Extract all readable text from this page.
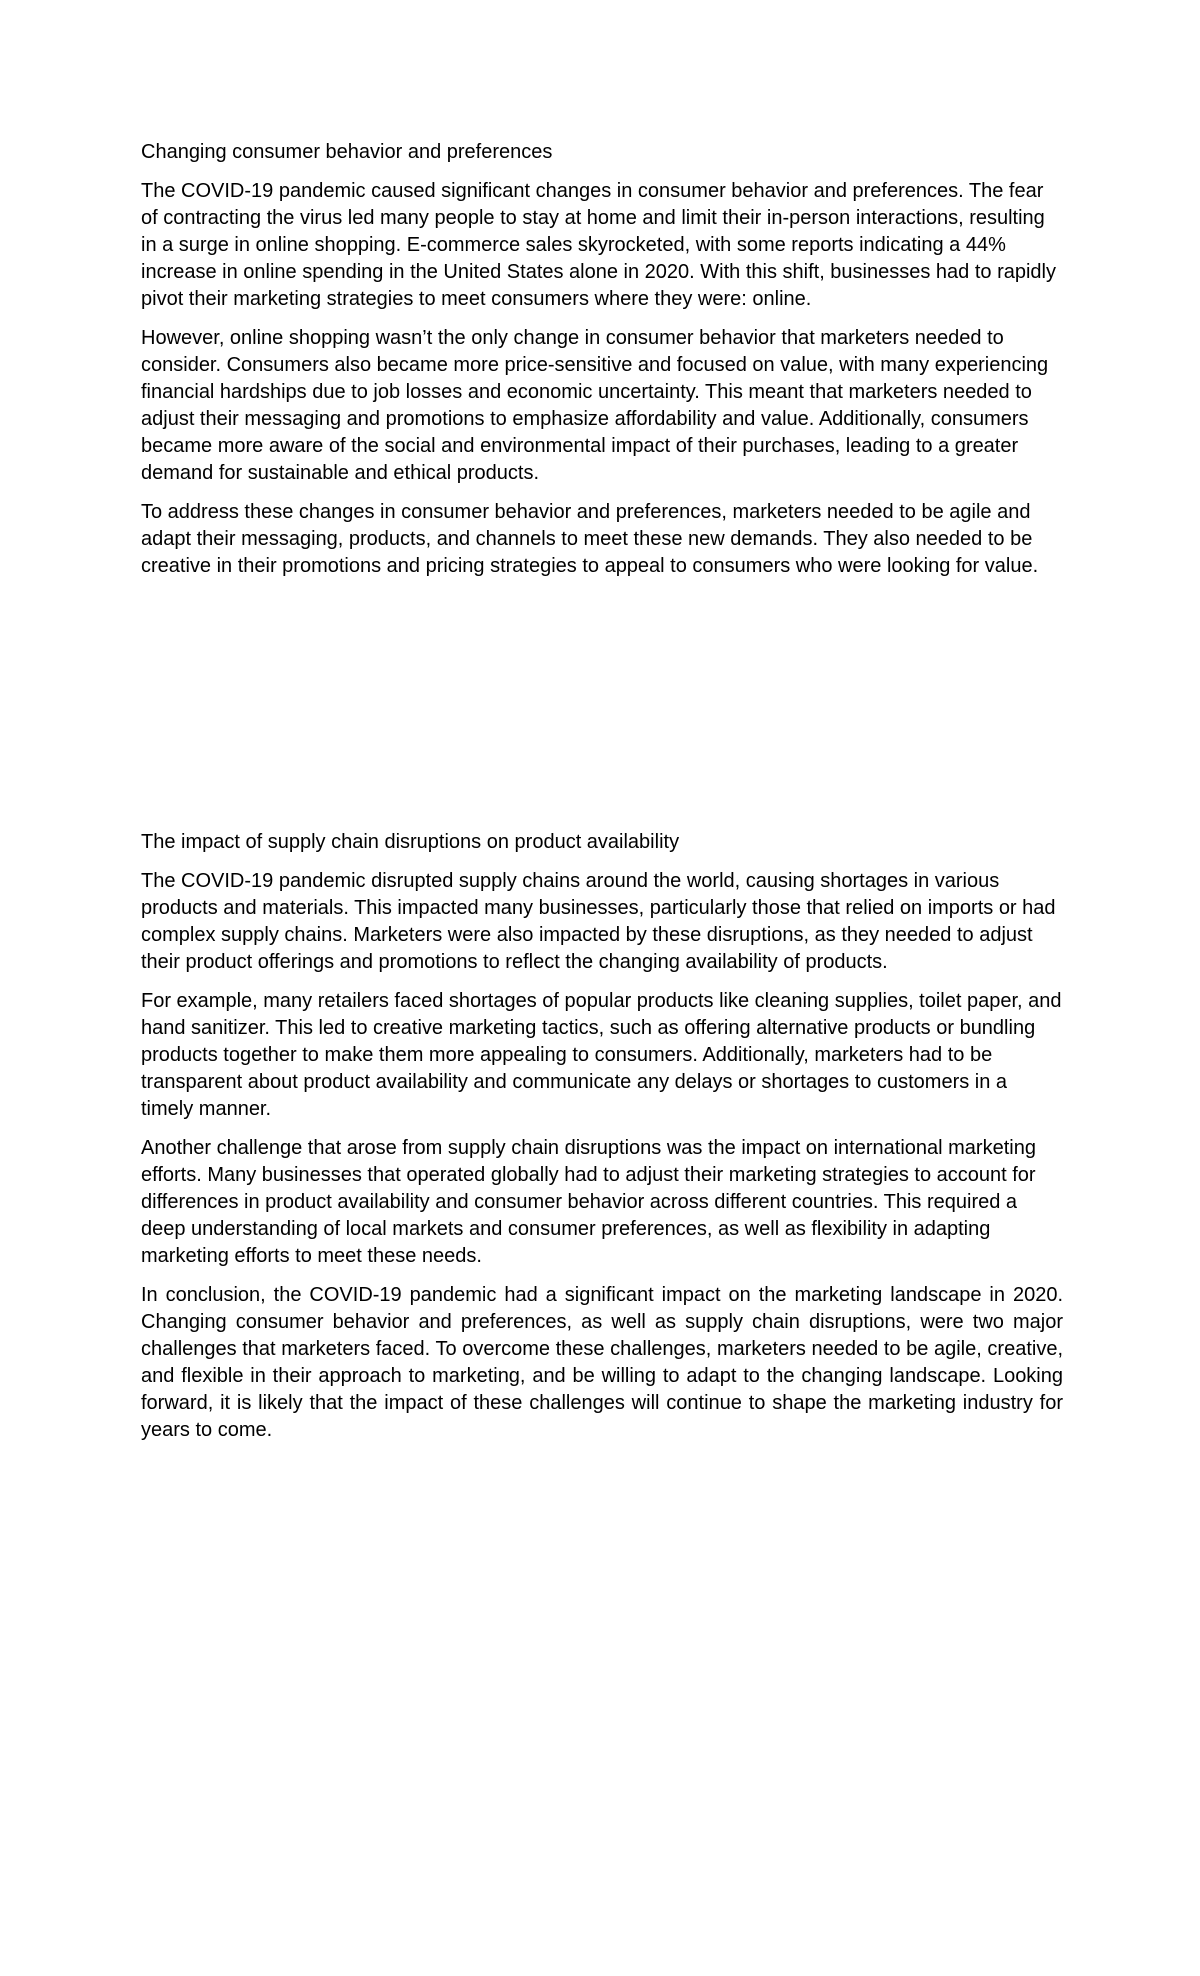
Changing consumer behavior and preferences

The COVID-19 pandemic caused significant changes in consumer behavior and preferences. The fear of contracting the virus led many people to stay at home and limit their in-person interactions, resulting in a surge in online shopping. E-commerce sales skyrocketed, with some reports indicating a 44% increase in online spending in the United States alone in 2020. With this shift, businesses had to rapidly pivot their marketing strategies to meet consumers where they were: online.

However, online shopping wasn’t the only change in consumer behavior that marketers needed to consider. Consumers also became more price-sensitive and focused on value, with many experiencing financial hardships due to job losses and economic uncertainty. This meant that marketers needed to adjust their messaging and promotions to emphasize affordability and value. Additionally, consumers became more aware of the social and environmental impact of their purchases, leading to a greater demand for sustainable and ethical products.

To address these changes in consumer behavior and preferences, marketers needed to be agile and adapt their messaging, products, and channels to meet these new demands. They also needed to be creative in their promotions and pricing strategies to appeal to consumers who were looking for value.

The impact of supply chain disruptions on product availability

The COVID-19 pandemic disrupted supply chains around the world, causing shortages in various products and materials. This impacted many businesses, particularly those that relied on imports or had complex supply chains. Marketers were also impacted by these disruptions, as they needed to adjust their product offerings and promotions to reflect the changing availability of products.

For example, many retailers faced shortages of popular products like cleaning supplies, toilet paper, and hand sanitizer. This led to creative marketing tactics, such as offering alternative products or bundling products together to make them more appealing to consumers. Additionally, marketers had to be transparent about product availability and communicate any delays or shortages to customers in a timely manner.

Another challenge that arose from supply chain disruptions was the impact on international marketing efforts. Many businesses that operated globally had to adjust their marketing strategies to account for differences in product availability and consumer behavior across different countries. This required a deep understanding of local markets and consumer preferences, as well as flexibility in adapting marketing efforts to meet these needs.

In conclusion, the COVID-19 pandemic had a significant impact on the marketing landscape in 2020. Changing consumer behavior and preferences, as well as supply chain disruptions, were two major challenges that marketers faced. To overcome these challenges, marketers needed to be agile, creative, and flexible in their approach to marketing, and be willing to adapt to the changing landscape. Looking forward, it is likely that the impact of these challenges will continue to shape the marketing industry for years to come.
